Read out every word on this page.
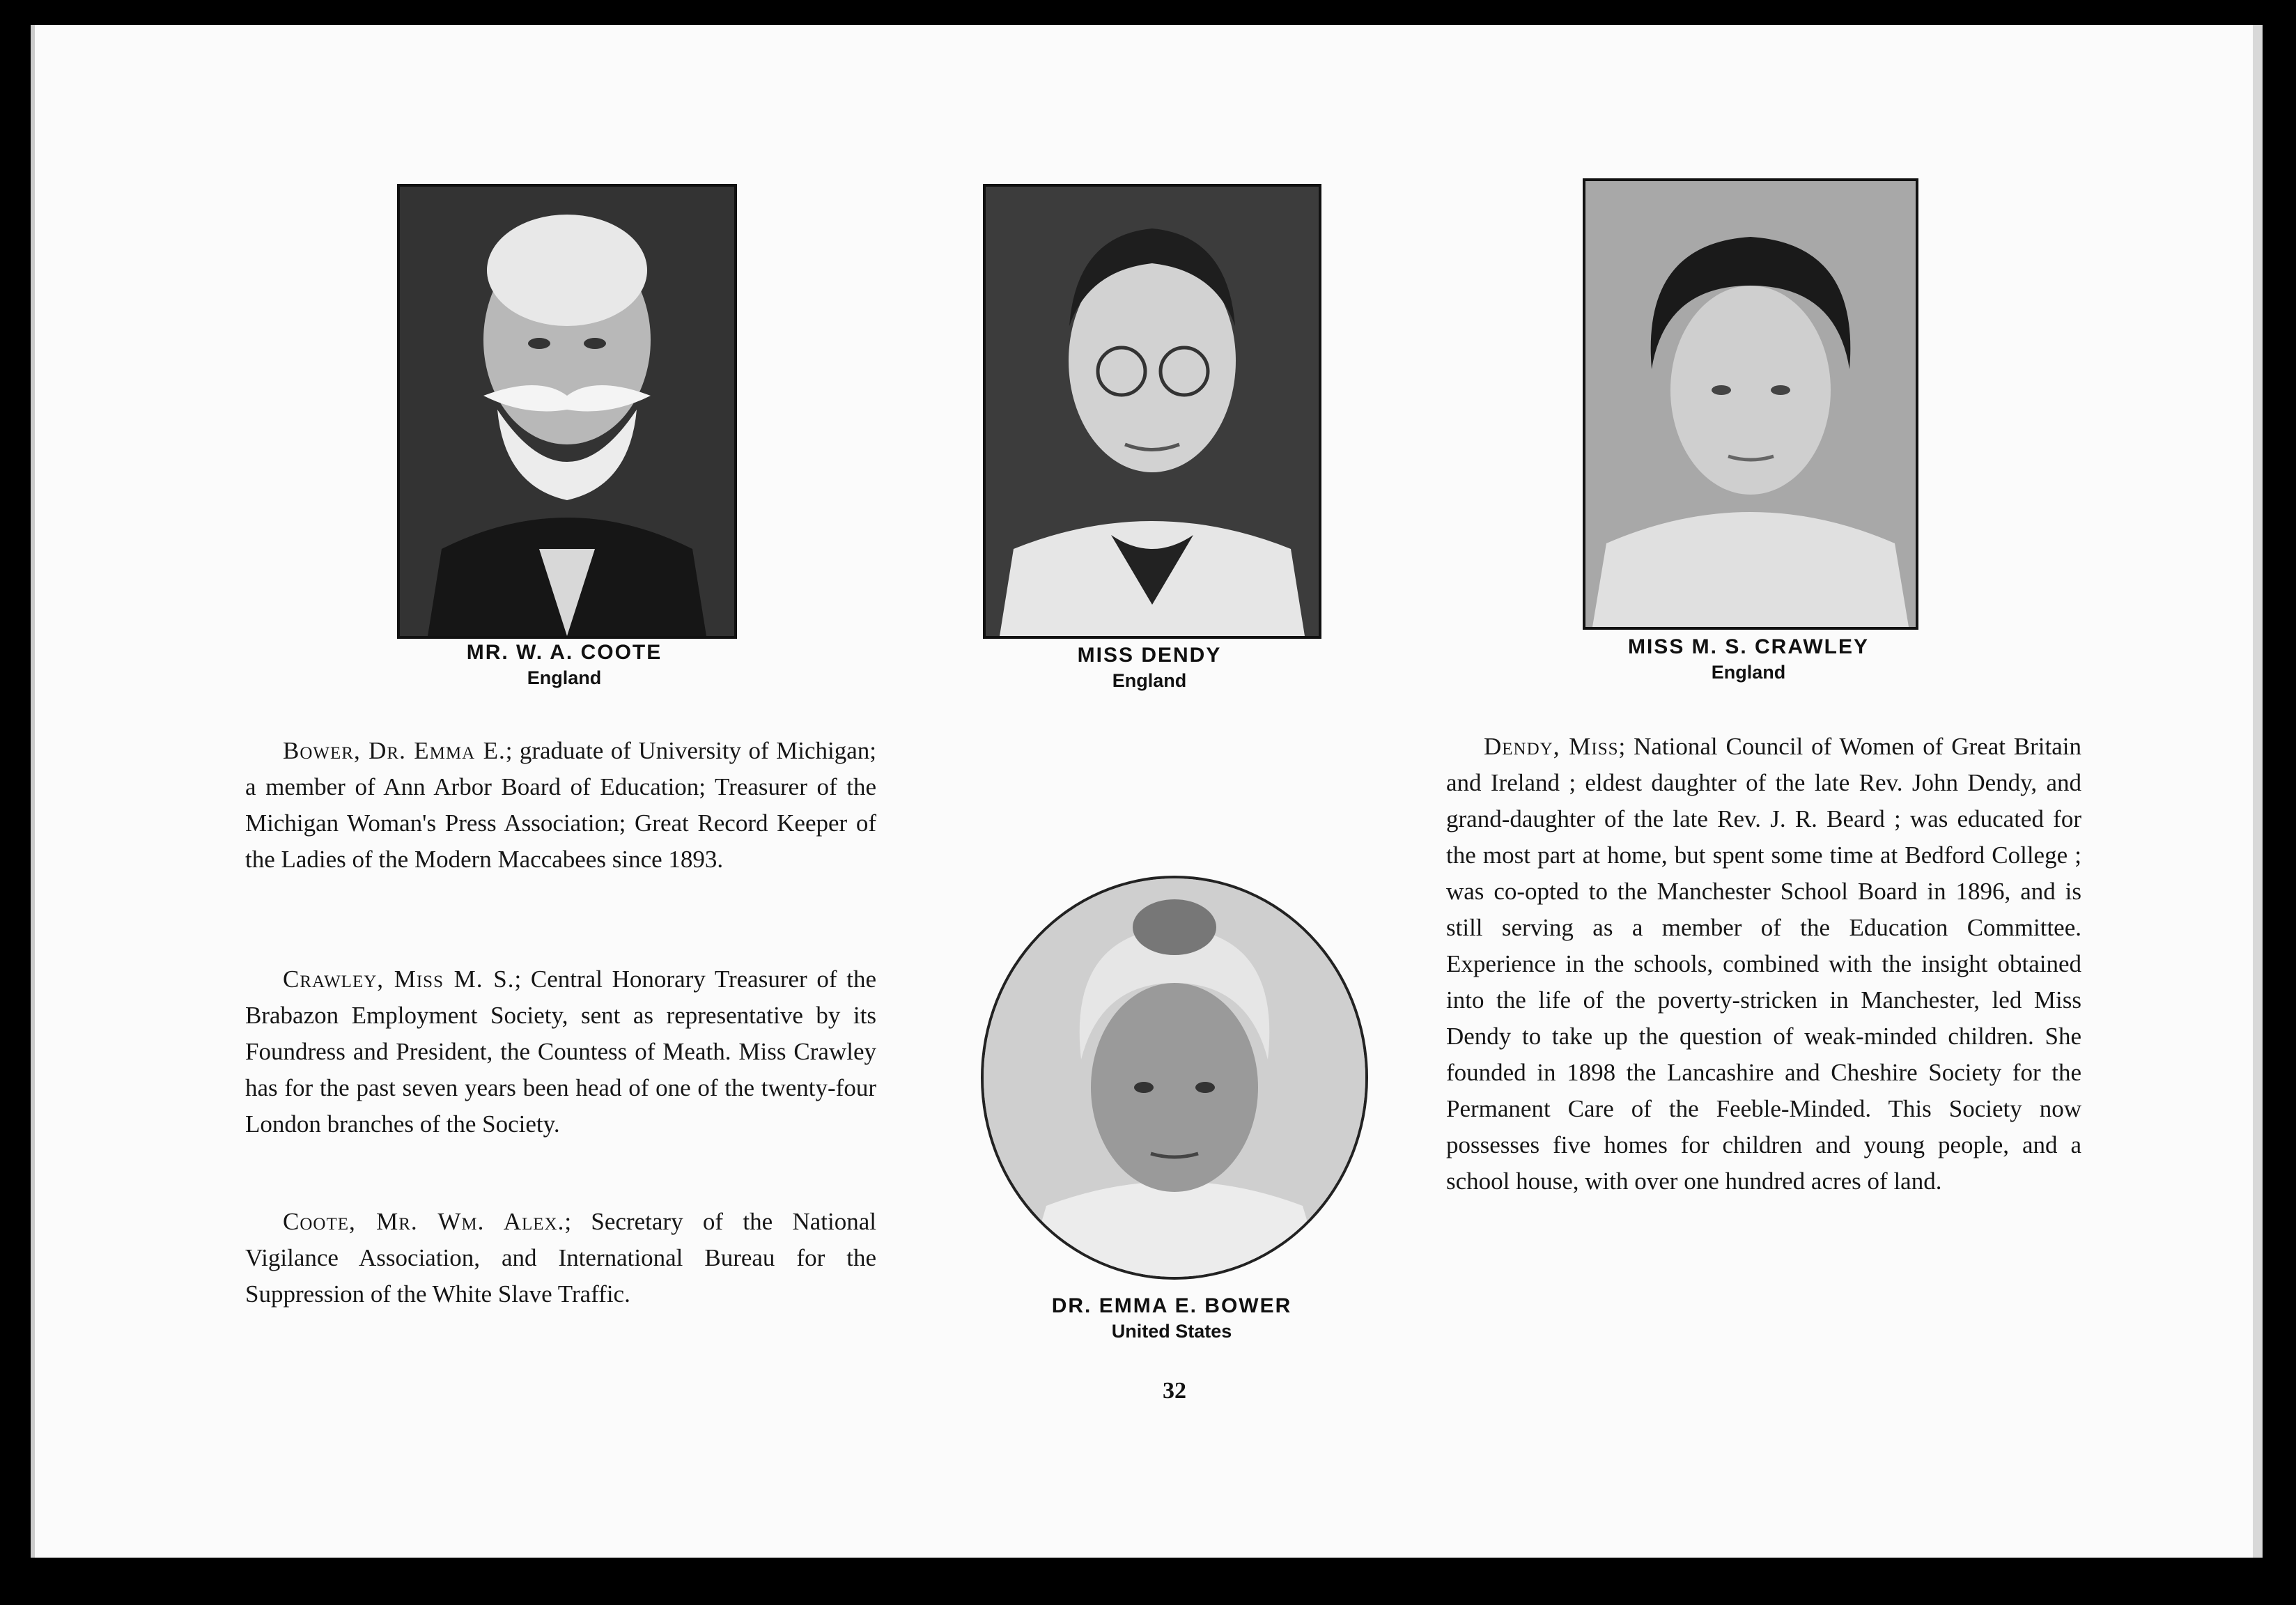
MR. W. A. COOTE
England
MISS DENDY
England
MISS M. S. CRAWLEY
England
DR. EMMA E. BOWER
United States

Bower, Dr. Emma E.; graduate of University of Michigan; a member of Ann Arbor Board of Education; Treasurer of the Michigan Woman's Press Association; Great Record Keeper of the Ladies of the Modern Maccabees since 1893.

Crawley, Miss M. S.; Central Honorary Treasurer of the Brabazon Employment Society, sent as representative by its Foundress and President, the Countess of Meath. Miss Crawley has for the past seven years been head of one of the twenty-four London branches of the Society.

Coote, Mr. Wm. Alex.; Secretary of the National Vigilance Association, and International Bureau for the Suppression of the White Slave Traffic.

Dendy, Miss; National Council of Women of Great Britain and Ireland ; eldest daughter of the late Rev. John Dendy, and grand-daughter of the late Rev. J. R. Beard ; was educated for the most part at home, but spent some time at Bedford College ; was co-opted to the Manchester School Board in 1896, and is still serving as a member of the Education Committee. Experience in the schools, combined with the insight obtained into the life of the poverty-stricken in Manchester, led Miss Dendy to take up the question of weak-minded children. She founded in 1898 the Lancashire and Cheshire Society for the Permanent Care of the Feeble-Minded. This Society now possesses five homes for children and young people, and a school house, with over one hundred acres of land.

32
